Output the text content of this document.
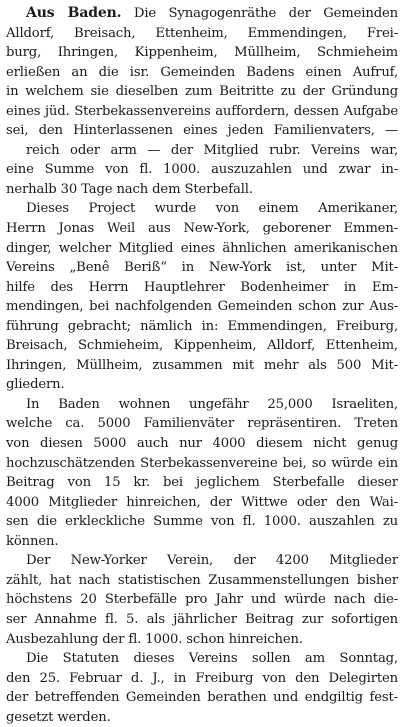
Aus Baden. Die Synagogenräthe der Gemeinden
Alldorf, Breisach, Ettenheim, Emmendingen, Frei-
burg, Ihringen, Kippenheim, Müllheim, Schmieheim
erließen an die isr. Gemeinden Badens einen Aufruf,
in welchem sie dieselben zum Beitritte zu der Gründung
eines jüd. Sterbekassenvereins auffordern, dessen Aufgabe
sei, den Hinterlassenen eines jeden Familienvaters, —
reich oder arm — der Mitglied rubr. Vereins war,
eine Summe von fl. 1000. auszuzahlen und zwar in-
nerhalb 30 Tage nach dem Sterbefall.
Dieses Project wurde von einem Amerikaner,
Herrn Jonas Weil aus New-York, geborener Emmen-
dinger, welcher Mitglied eines ähnlichen amerikanischen
Vereins „Benê Beriß“ in New-York ist, unter Mit-
hilfe des Herrn Hauptlehrer Bodenheimer in Em-
mendingen, bei nachfolgenden Gemeinden schon zur Aus-
führung gebracht; nämlich in: Emmendingen, Freiburg,
Breisach, Schmieheim, Kippenheim, Alldorf, Ettenheim,
Ihringen, Müllheim, zusammen mit mehr als 500 Mit-
gliedern.
In Baden wohnen ungefähr 25,000 Israeliten,
welche ca. 5000 Familienväter repräsentiren. Treten
von diesen 5000 auch nur 4000 diesem nicht genug
hochzuschätzenden Sterbekassenvereine bei, so würde ein
Beitrag von 15 kr. bei jeglichem Sterbefalle dieser
4000 Mitglieder hinreichen, der Wittwe oder den Wai-
sen die erkleckliche Summe von fl. 1000. auszahlen zu
können.
Der New-Yorker Verein, der 4200 Mitglieder
zählt, hat nach statistischen Zusammenstellungen bisher
höchstens 20 Sterbefälle pro Jahr und würde nach die-
ser Annahme fl. 5. als jährlicher Beitrag zur sofortigen
Ausbezahlung der fl. 1000. schon hinreichen.
Die Statuten dieses Vereins sollen am Sonntag,
den 25. Februar d. J., in Freiburg von den Delegirten
der betreffenden Gemeinden berathen und endgiltig fest-
gesetzt werden.
